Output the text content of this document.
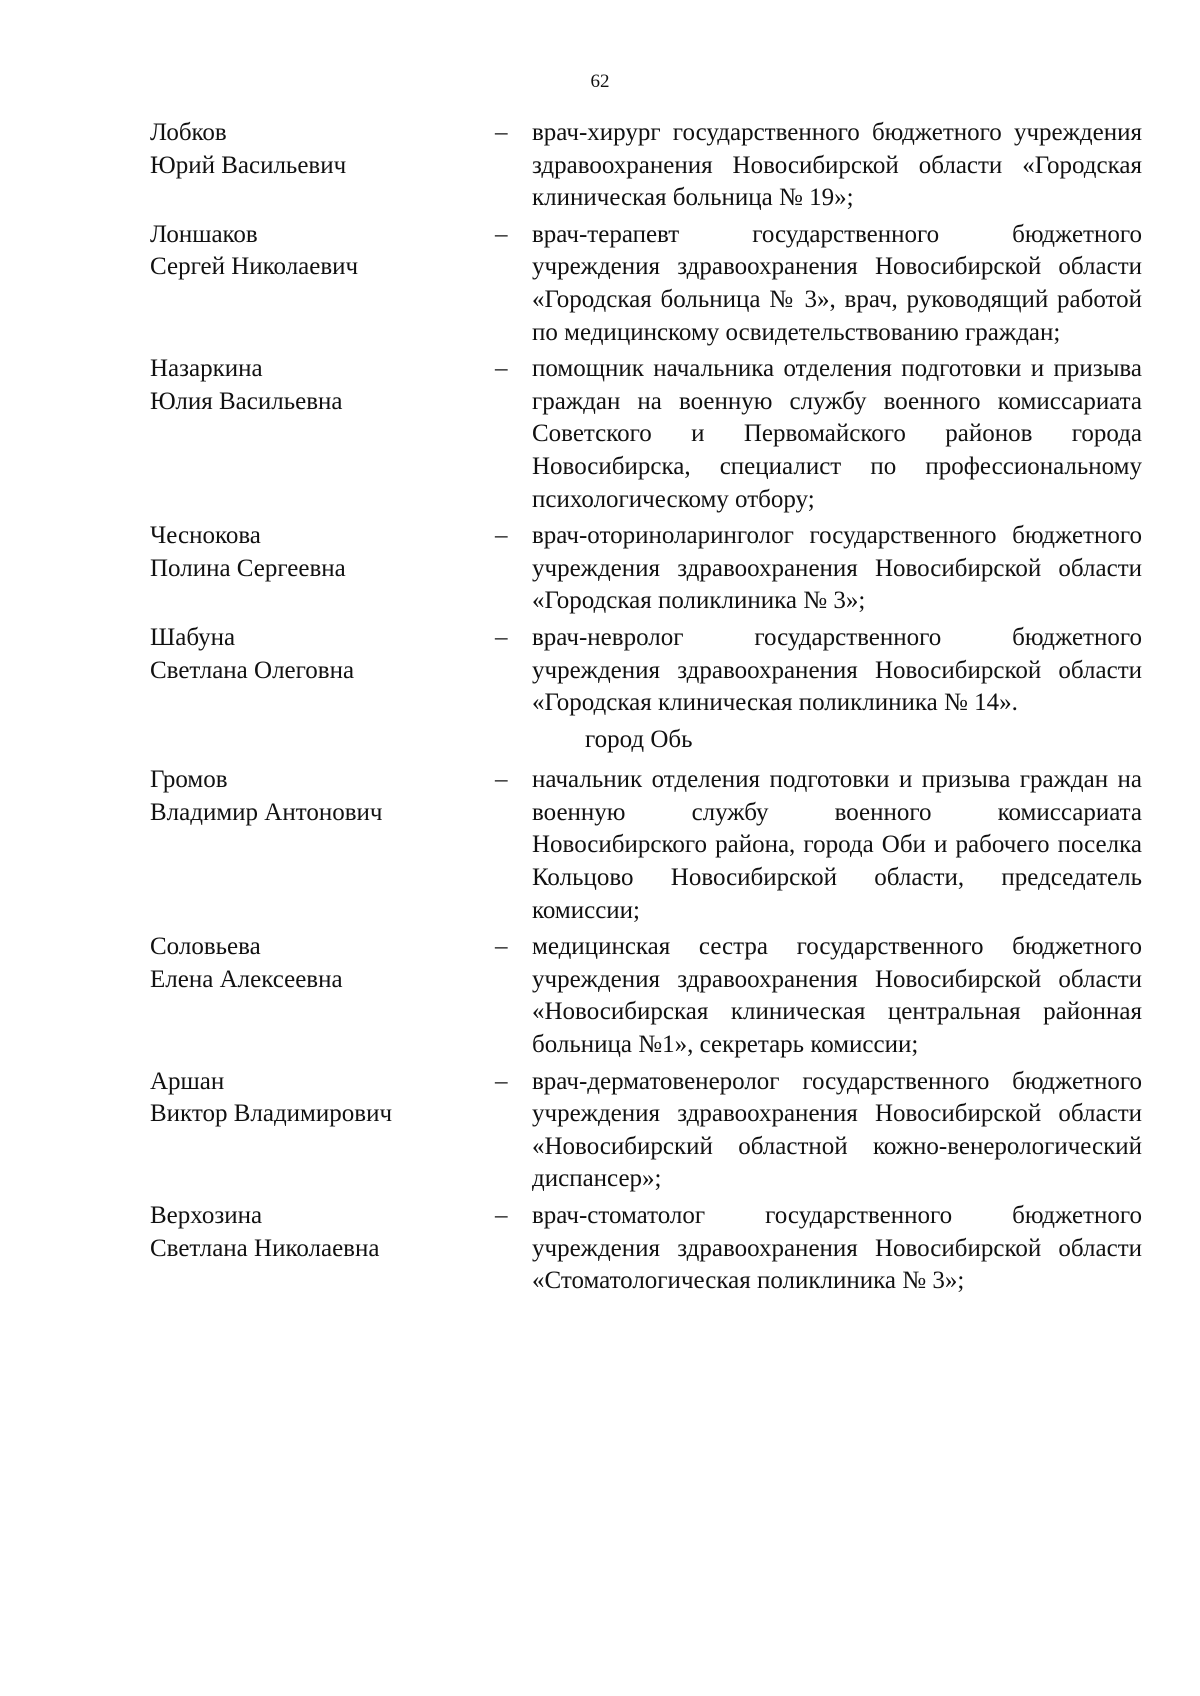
62
Лобков
Юрий Васильевич
– врач-хирург государственного бюджетного учреждения здравоохранения Новосибирской области «Городская клиническая больница № 19»;
Лоншаков
Сергей Николаевич
– врач-терапевт государственного бюджетного учреждения здравоохранения Новосибирской области «Городская больница № 3», врач, руководящий работой по медицинскому освидетельствованию граждан;
Назаркина
Юлия Васильевна
– помощник начальника отделения подготовки и призыва граждан на военную службу военного комиссариата Советского и Первомайского районов города Новосибирска, специалист по профессиональному психологическому отбору;
Чеснокова
Полина Сергеевна
– врач-оториноларинголог государственного бюджетного учреждения здравоохранения Новосибирской области «Городская поликлиника № 3»;
Шабуна
Светлана Олеговна
– врач-невролог государственного бюджетного учреждения здравоохранения Новосибирской области «Городская клиническая поликлиника № 14».
город Обь
Громов
Владимир Антонович
– начальник отделения подготовки и призыва граждан на военную службу военного комиссариата Новосибирского района, города Оби и рабочего поселка Кольцово Новосибирской области, председатель комиссии;
Соловьева
Елена Алексеевна
– медицинская сестра государственного бюджетного учреждения здравоохранения Новосибирской области «Новосибирская клиническая центральная районная больница №1», секретарь комиссии;
Аршан
Виктор Владимирович
– врач-дерматовенеролог государственного бюджетного учреждения здравоохранения Новосибирской области «Новосибирский областной кожно-венерологический диспансер»;
Верхозина
Светлана Николаевна
– врач-стоматолог государственного бюджетного учреждения здравоохранения Новосибирской области «Стоматологическая поликлиника № 3»;
